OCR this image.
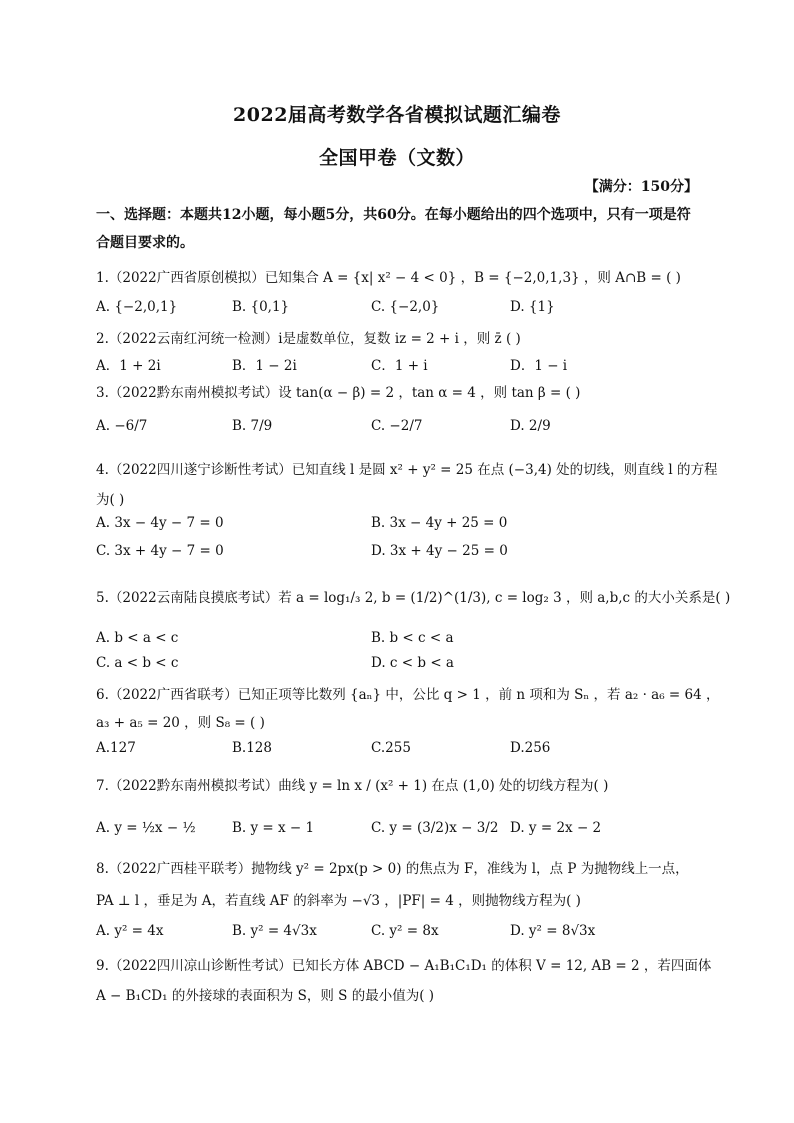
2022届高考数学各省模拟试题汇编卷
全国甲卷（文数）
【满分：150分】
一、选择题：本题共12小题，每小题5分，共60分。在每小题给出的四个选项中，只有一项是符合题目要求的。
1.（2022广西省原创模拟）已知集合 A = {x| x² − 4 < 0} ，B = {−2,0,1,3} ，则 A∩B = ( )
A. {−2,0,1}	B. {0,1}	C. {−2,0}	D. {1}
2.（2022云南红河统一检测）i是虚数单位，复数 iz = 2 + i ，则 z̄ ( )
A．1 + 2i	B．1 − 2i	C．1 + i	D．1 − i
3.（2022黔东南州模拟考试）设 tan(α − β) = 2 ，tan α = 4 ，则 tan β = ( )
A. −6/7	B. 7/9	C. −2/7	D. 2/9
4.（2022四川遂宁诊断性考试）已知直线 l 是圆 x² + y² = 25 在点 (−3,4) 处的切线，则直线 l 的方程
为( )
A. 3x − 4y − 7 = 0	B. 3x − 4y + 25 = 0
C. 3x + 4y − 7 = 0	D. 3x + 4y − 25 = 0
5.（2022云南陆良摸底考试）若 a = log₁/₃ 2, b = (1/2)^(1/3), c = log₂ 3 ，则 a,b,c 的大小关系是( )
A. b < a < c	B. b < c < a
C. a < b < c	D. c < b < a
6.（2022广西省联考）已知正项等比数列 {aₙ} 中，公比 q > 1 ，前 n 项和为 Sₙ ，若 a₂ · a₆ = 64 ，
a₃ + a₅ = 20 ，则 S₈ = ( )
A.127	B.128	C.255	D.256
7.（2022黔东南州模拟考试）曲线 y = ln x / (x² + 1) 在点 (1,0) 处的切线方程为( )
A. y = ½x − ½	B. y = x − 1	C. y = (3/2)x − 3/2 D. y = 2x − 2
8.（2022广西桂平联考）抛物线 y² = 2px(p > 0) 的焦点为 F，准线为 l，点 P 为抛物线上一点，
PA ⊥ l ，垂足为 A，若直线 AF 的斜率为 −√3 ，|PF| = 4 ，则抛物线方程为( )
A. y² = 4x	B. y² = 4√3x	C. y² = 8x	D. y² = 8√3x
9.（2022四川凉山诊断性考试）已知长方体 ABCD − A₁B₁C₁D₁ 的体积 V = 12, AB = 2 ，若四面体
A − B₁CD₁ 的外接球的表面积为 S，则 S 的最小值为( )
